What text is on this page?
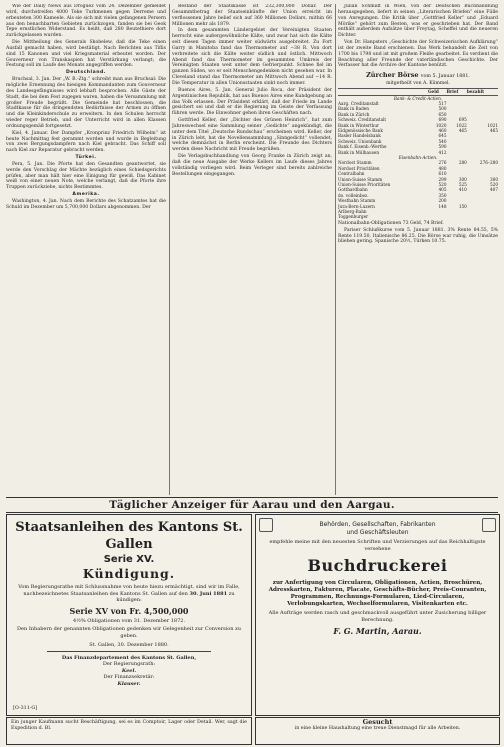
Wie der Daily News aus Droguez vom 24. Dezember gemeldet wird, durchstreifen 4000 Teke Turkmenen gegen Derreme und erbeuteten 300 Kameele. Als sie sich mit vielen gefangenen Persern aus den benachbarten Gebieten zurückzogen, fanden sie bei Geok Tepe ernstlichen Widerstand. Es heißt, daß 280 Beutethiere dort zurückgelassen wurden.

Die Mittheilung des Generals Skobelew, daß die Teke einen Ausfall gemacht haben, wird bestätigt. Nach Berichten aus Tiflis sind 15 Kanonen und viel Kriegsmaterial erbeutet worden. Der Gouverneur von Transkaspien hat Verstärkung verlangt; die Festung soll im Laufe des Monats angegriffen werden.

Deutschland.

Bruchsal, 3. Jan. Der „W. B.-Ztg.“ schreibt man aus Bruchsal: Die mögliche Ernennung des hiesigen Kommandanten zum Gouverneur des Landesgefängnisses wird lebhaft besprochen. Alle Gäste der Stadt, die bei dem Fest zugegen waren, haben die Versammlung mit großer Freude begrüßt. Die Gemeinde hat beschlossen, die Stadtkasse für die dringendsten Bedürfnisse der Armen zu öffnen und die Kleinkinderschule zu erweitern. In den Schulen herrscht wieder reger Betrieb, und der Unterricht wird in allen Klassen ordnungsgemäß fortgesetzt.

Kiel, 4. Januar. Der Dampfer „Kronprinz Friedrich Wilhelm“ ist heute Nachmittag fest gerammt worden und wurde in Begleitung von zwei Bergungsdampfern nach Kiel gebracht. Das Schiff soll nach Kiel zur Reparatur gebracht werden.

Türkei.

Pera, 5. Jan. Die Pforte hat den Gesandten geantwortet, sie werde den Vorschlag der Mächte bezüglich eines Schiedsgerichts prüfen, aber man hält hier eine Einigung für gewiß. Das Kabinet weiß von einer neuen Note, welche verlangt, daß die Pforte ihre Truppen zurückziehe, nichts Bestimmtes.

Amerika.

Washington, 4. Jan. Nach dem Berichte des Schatzamtes hat die Schuld im Dezember um 5,700,000 Dollars abgenommen. Der

Bestand der Staatskasse ist 232,300,000 Dollar. Der Gesammtbetrag der Staatseinkünfte der Union erreicht im verflossenen Jahre belief sich auf 360 Millionen Dollars, mithin 66 Millionen mehr als 1879.

In dem gesammten Ländergebiet der Vereinigten Staaten herrscht eine außergewöhnliche Kälte, und zwar hat sich die Kälte seit diesen Tagen immer weiter südwärts ausgebreitet. Zu Fort Garry in Manitoba fand das Thermometer auf −38 R. Von dort verbreitete sich die Kälte weiter südlich und östlich. Mittwoch Abend fand das Thermometer im gesammten Umkreis der Vereinigten Staaten weit unter dem Gefrierpunkt. Schnee fiel im ganzen Süden, wo er seit Menschengedenken nicht gesehen war. In Cleveland stand das Thermometer am Mittwoch Abend auf −14 R. Die Temperatur in allen Unionsstaaten sinkt noch immer.

Buenos Aires, 5. Jan. General Julio Roca, der Präsident der Argentinischen Republik, hat aus Buenos Aires eine Kundgebung an das Volk erlassen. Der Präsident erklärt, daß der Friede im Lande gesichert sei und daß er die Regierung im Geiste der Verfassung führen werde. Die Einwohner gehen ihren Geschäften nach.

Gottfried Keller, der „Dichter des Grünen Heinrich“, hat zum Jahreswechsel eine Sammlung seiner „Gedichte“ angekündigt, die unter dem Titel „Deutsche Rundschau“ erscheinen wird. Keller, der in Zürich lebt, hat die Novellensammlung „Sinngedicht“ vollendet, welche demnächst in Berlin erscheint. Die Freunde des Dichters werden diese Nachricht mit Freude begrüßen.

Die Verlagsbuchhandlung von Georg Franke in Zürich zeigt an, daß die neue Ausgabe der Werke Kellers im Laufe dieses Jahres vollständig vorliegen wird. Beim Verleger sind bereits zahlreiche Bestellungen eingegangen.

Julian Schmidt in Wien, von der Deutschen Buchhandlung herausgegeben, liefert in seinen „Literarischen Briefen“ eine Fülle von Anregungen. Die Kritik über „Gottfried Keller“ und „Eduard Mörike“ gehört zum Besten, was er geschrieben hat. Der Band enthält außerdem Aufsätze über Freytag, Scheffel und die neueren Dichter.

Von Dr. Hanpsters „Geschichte der Schweizerischen Aufklärung“ ist der zweite Band erschienen. Das Werk behandelt die Zeit von 1700 bis 1798 und ist mit großem Fleiße gearbeitet. Es verdient die Beachtung aller Freunde der vaterländischen Geschichte. Der Verfasser hat die Archive der Kantone benützt.

Zürcher Börse vom 5. Januar 1881.
mitgetheilt von A. Kümmel.
	Geld	Brief	bezahlt
Bank- & Credit-Actien.			
Aarg. Creditanstalt	517		
Bank in Baden	500		
Bank in Zürich	650		
Schweiz. Creditanstalt	690	695	
Bank in Winterthur	1020	1022	1021
Eidgenössische Bank	460	465	465
Basler Handelsbank	645		
Schweiz. Unionbank	540		
Bank f. Eisenb.-Werthe	590		
Bank in Mülhausen	412		
Eisenbahn-Actien.			
Nordost Stamm	276	280	276–280
Nordost Prioritäten	480		
Centralbahn	610		
Union-Suisse Stamm	299	300	300
Union-Suisse Prioritäten	520	525	520
Gotthardbahn	405	410	407
do. volleinbez.	350		
Westbahn Stamm	200		
Jura-Bern-Luzern	148	150	
Arlberg-Bahn			
Toggenburger			

Nationalbahn-Obligationen 73 Geld, 74 Brief.

Pariser Schlußkurse vom 5. Januar 1881. 3% Rente 84.55, 5% Rente 119.50, Italienische 86.25. Die Börse war ruhig, die Umsätze blieben gering. Spanische 20½, Türken 10.75.

Täglicher Anzeiger für Aarau und den Aargau.
Staatsanleihen des Kantons St. Gallen
Serie XV.
Kündigung.
Vom Regierungsrathe mit Schlussnahme von heute hiezu ermächtigt, sind wir im Falle, nachbezeichnetes Staatsanleihen des Kantons St. Gallen auf den 30. Juni 1881 zu kündigen:
Serie XV von Fr. 4,500,000
4½% Obligationen vom 31. Dezember 1872.
Den Inhabern der genannten Obligationen gedenken wir Gelegenheit zur Conversion zu geben.
St. Gallen, 30. Dezember 1880.
Das Finanzdepartement des Kantons St. Gallen,
Der Regierungsrath:
Keel.
Der Finanzsekretär:
Klauser.
[O-311-G]
Behörden, Gesellschaften, Fabrikanten
und Geschäftsleuten
empfehle meine mit den neuesten Schriften und Verzierungen auf das Reichhaltigste versehene
Buchdruckerei
zur Anfertigung von Circularen, Obligationen, Actien, Broschüren, Adresskarten, Fakturen, Placate, Geschäfts-Bücher, Preis-Couranten, Programmen, Rechnungs-Formularen, Lied-Circularen, Verlobungskarten, Wechselformularen, Visitenkarten etc.
Alle Aufträge werden rasch und geschmackvoll ausgeführt unter Zusicherung billiger Berechnung.
F. G. Martin, Aarau.
Ein junger Kaufmann sucht Beschäftigung, sei es im Comptoir, Lager oder Detail. Wer, sagt die Expedition d. Bl.
Gesucht
in eine kleine Haushaltung eine treue Dienstmagd für alle Arbeiten.
